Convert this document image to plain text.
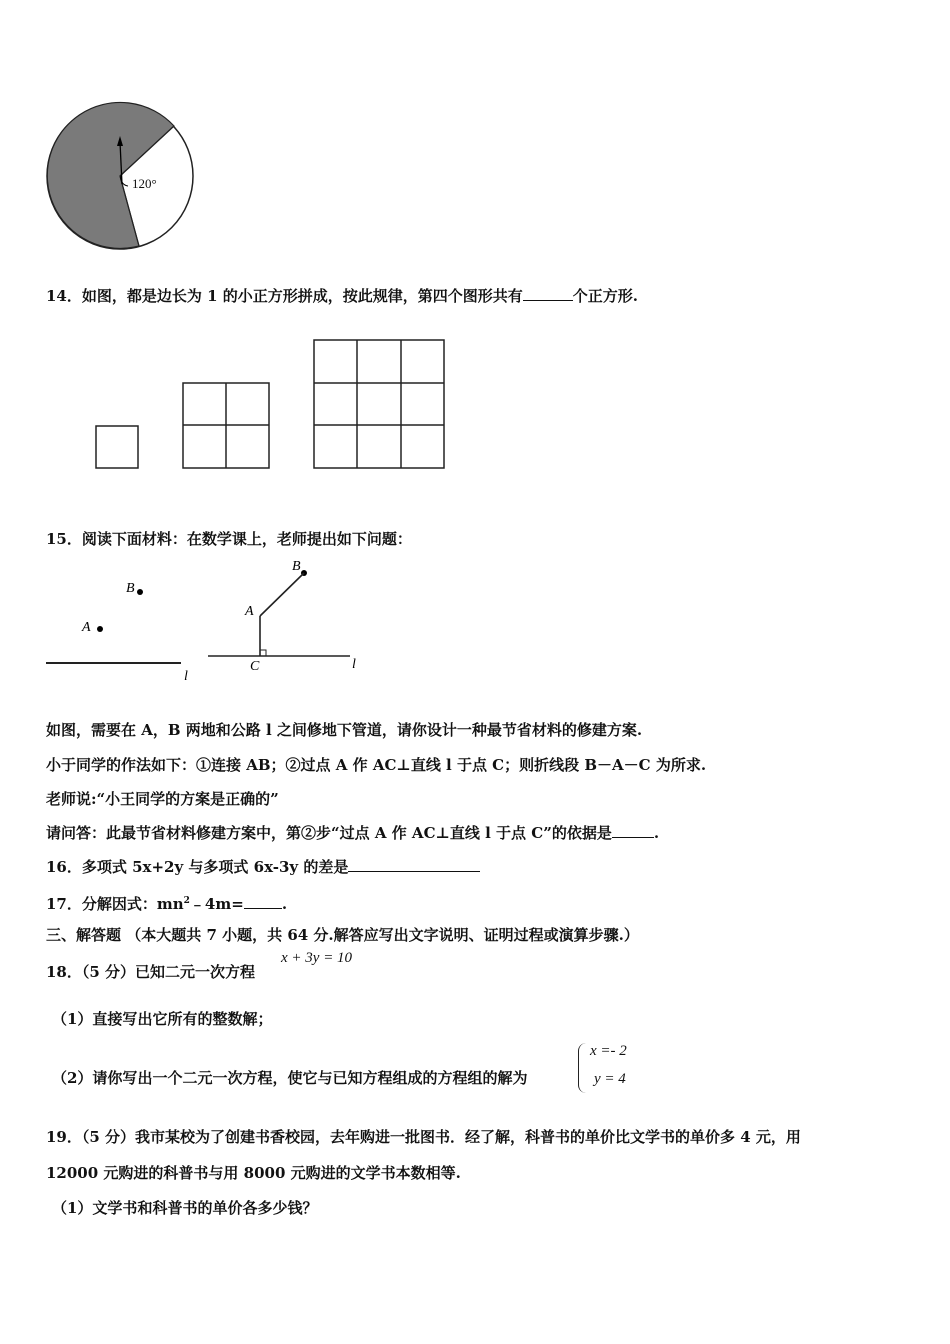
120°
14．如图，都是边长为 1 的小正方形拼成，按此规律，第四个图形共有	个正方形.
15．阅读下面材料：在数学课上，老师提出如下问题：
B
A
l
B
A
C	l
如图，需要在 A，B 两地和公路 l 之间修地下管道，请你设计一种最节省材料的修建方案.
小于同学的作法如下：①连接 AB；②过点 A 作 AC⊥直线 l 于点 C；则折线段 B－A－C 为所求.
老师说:“小王同学的方案是正确的”
请问答：此最节省材料修建方案中，第②步“过点 A 作 AC⊥直线 l 于点 C”的依据是	.
16．多项式 5x+2y 与多项式 6x-3y 的差是
17．分解因式：$mn^2﹣4m=$	.
三、解答题 （本大题共 7 小题，共 64 分.解答应写出文字说明、证明过程或演算步骤.）
18．（5 分）已知二元一次方程
x + 3y = 10
（1）直接写出它所有的整数解；
（2）请你写出一个二元一次方程，使它与已知方程组成的方程组的解为
x =- 2
y = 4
19．（5 分）我市某校为了创建书香校园，去年购进一批图书．经了解，科普书的单价比文学书的单价多 4 元，用
12000 元购进的科普书与用 8000 元购进的文学书本数相等.
（1）文学书和科普书的单价各多少钱？
